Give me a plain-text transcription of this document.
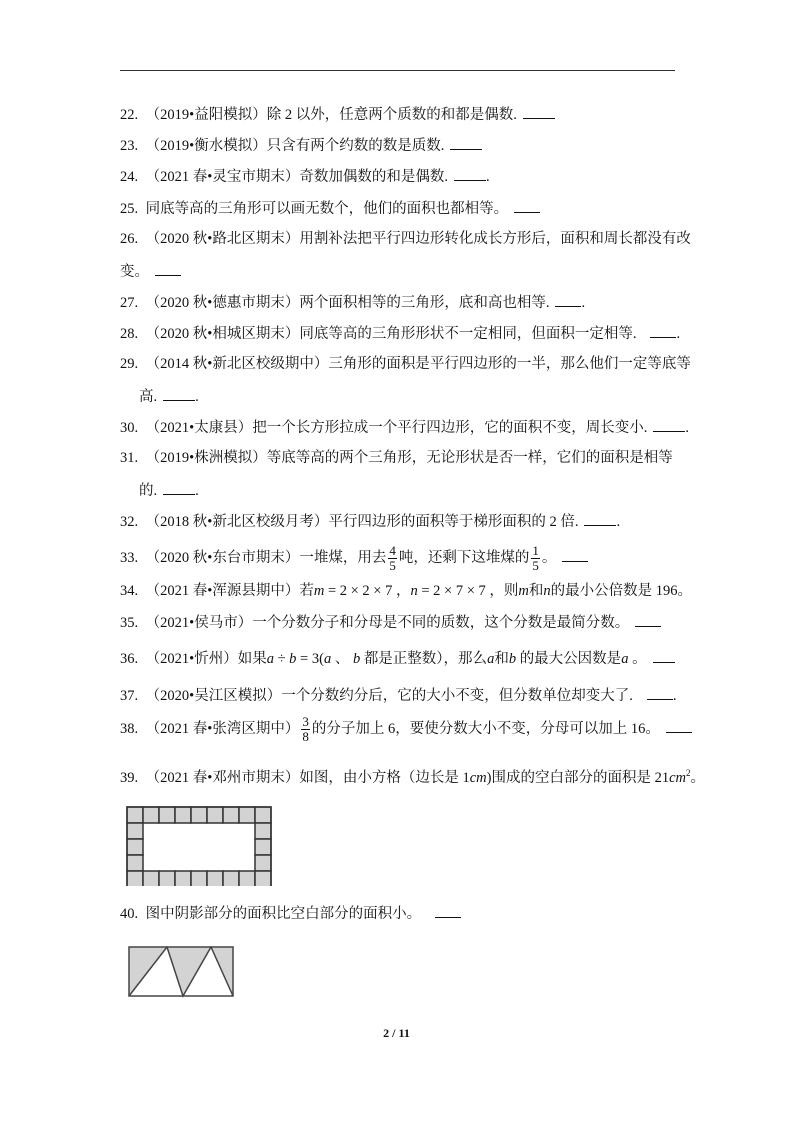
22. （2019•益阳模拟）除 2 以外，任意两个质数的和都是偶数.
23. （2019•衡水模拟）只含有两个约数的数是质数.
24. （2021 春•灵宝市期末）奇数加偶数的和是偶数.	.
25. 同底等高的三角形可以画无数个，他们的面积也都相等。
26. （2020 秋•路北区期末）用割补法把平行四边形转化成长方形后，面积和周长都没有改
变。
27. （2020 秋•德惠市期末）两个面积相等的三角形，底和高也相等. .
28. （2020 秋•相城区期末）同底等高的三角形形状不一定相同，但面积一定相等.	.
29. （2014 秋•新北区校级期中）三角形的面积是平行四边形的一半，那么他们一定等底等
高.	.
30. （2021•太康县）把一个长方形拉成一个平行四边形，它的面积不变，周长变小.	.
31. （2019•株洲模拟）等底等高的两个三角形，无论形状是否一样，它们的面积是相等
的.	.
32. （2018 秋•新北区校级月考）平行四边形的面积等于梯形面积的 2 倍.	.
33. （2020 秋•东台市期末）一堆煤，用去 $\frac{4}{5}$ 吨，还剩下这堆煤的 $\frac{1}{5}$ 。
34. （2021 春•浑源县期中）若m = 2 × 2 × 7 ，n = 2 × 7 × 7 ，则m和n的最小公倍数是 196。
35. （2021•侯马市）一个分数分子和分母是不同的质数，这个分数是最简分数。
36. （2021•忻州）如果a ÷ b = 3(a 、 b 都是正整数），那么a和b 的最大公因数是a 。
37. （2020•吴江区模拟）一个分数约分后，它的大小不变，但分数单位却变大了.	.
38. （2021 春•张湾区期中） $\frac{3}{8}$ 的分子加上 6，要使分数大小不变，分母可以加上 16。
39. （2021 春•邓州市期末）如图，由小方格（边长是 1cm)围成的空白部分的面积是 $21cm^2$。
40. 图中阴影部分的面积比空白部分的面积小。
2 / 11
